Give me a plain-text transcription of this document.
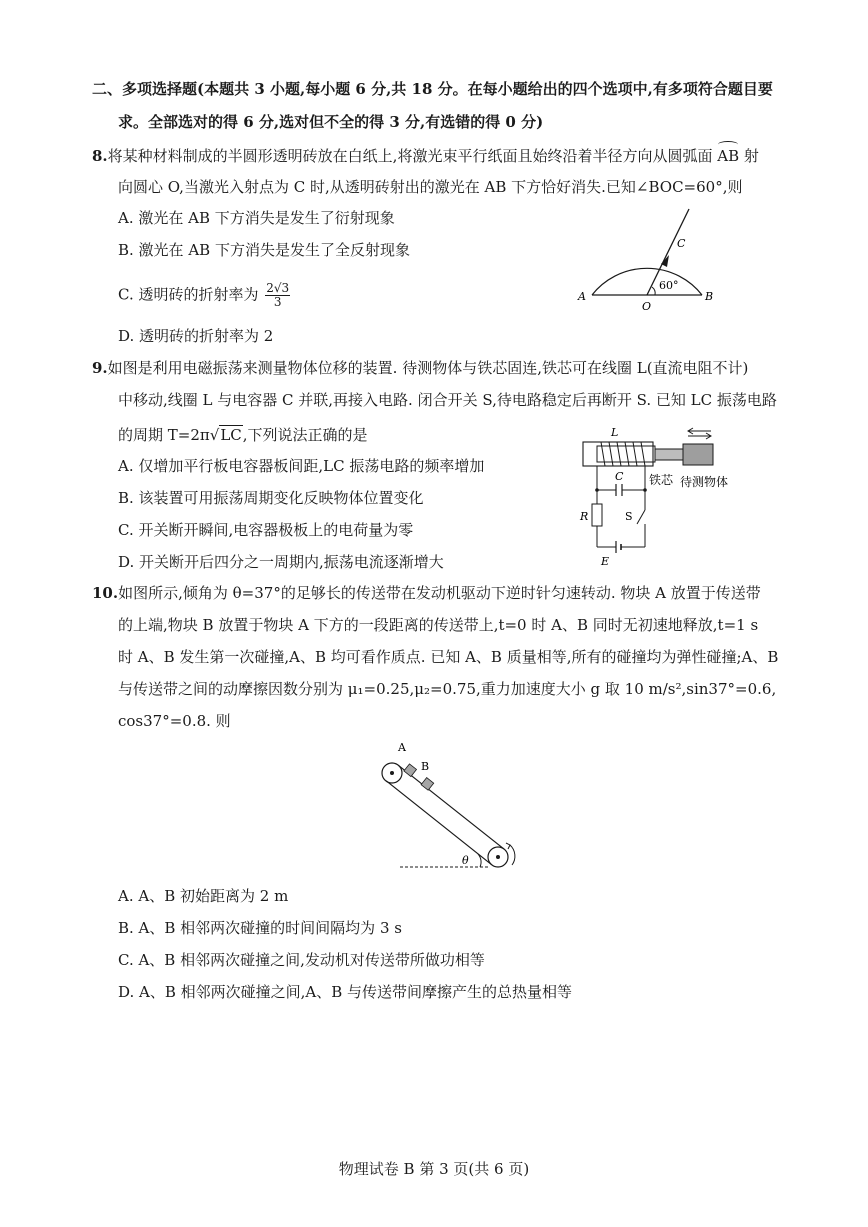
二、多项选择题(本题共 3 小题,每小题 6 分,共 18 分。在每小题给出的四个选项中,有多项符合题目要
求。全部选对的得 6 分,选对但不全的得 3 分,有选错的得 0 分)
8.将某种材料制成的半圆形透明砖放在白纸上,将激光束平行纸面且始终沿着半径方向从圆弧面 AB 射
向圆心 O,当激光入射点为 C 时,从透明砖射出的激光在 AB 下方恰好消失.已知∠BOC=60°,则
A. 激光在 AB 下方消失是发生了衍射现象
B. 激光在 AB 下方消失是发生了全反射现象
C. 透明砖的折射率为 $\frac{2√3}{3}$
D. 透明砖的折射率为 2
A	B
O
C
60°
9.如图是利用电磁振荡来测量物体位移的装置. 待测物体与铁芯固连,铁芯可在线圈 L(直流电阻不计)
中移动,线圈 L 与电容器 C 并联,再接入电路. 闭合开关 S,待电路稳定后再断开 S. 已知 LC 振荡电路
的周期 T=2π√LC,下列说法正确的是
A. 仅增加平行板电容器板间距,LC 振荡电路的频率增加
B. 该装置可用振荡周期变化反映物体位置变化
C. 开关断开瞬间,电容器极板上的电荷量为零
D. 开关断开后四分之一周期内,振荡电流逐渐增大
L
C
R	S
E
铁芯 待测物体
10.如图所示,倾角为 θ=37°的足够长的传送带在发动机驱动下逆时针匀速转动. 物块 A 放置于传送带
的上端,物块 B 放置于物块 A 下方的一段距离的传送带上,t=0 时 A、B 同时无初速地释放,t=1 s
时 A、B 发生第一次碰撞,A、B 均可看作质点. 已知 A、B 质量相等,所有的碰撞均为弹性碰撞;A、B
与传送带之间的动摩擦因数分别为 μ₁=0.25,μ₂=0.75,重力加速度大小 g 取 10 m/s²,sin37°=0.6,
cos37°=0.8. 则
A
B
θ
A. A、B 初始距离为 2 m
B. A、B 相邻两次碰撞的时间间隔均为 3 s
C. A、B 相邻两次碰撞之间,发动机对传送带所做功相等
D. A、B 相邻两次碰撞之间,A、B 与传送带间摩擦产生的总热量相等
物理试卷 B 第 3 页(共 6 页)
